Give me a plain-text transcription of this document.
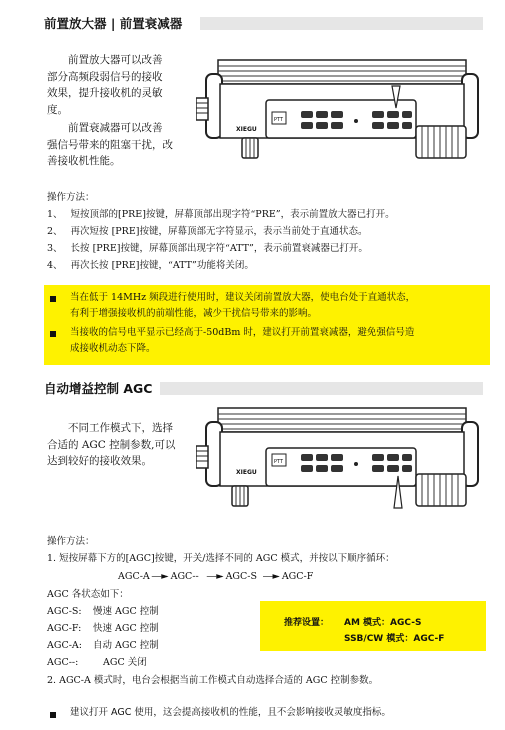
前置放大器 | 前置衰减器
前置放大器可以改善
部分高频段弱信号的接收
效果，提升接收机的灵敏
度。
前置衰减器可以改善
强信号带来的阻塞干扰，改
善接收机性能。
XIEGU
PTT
操作方法：
1、 短按顶部的[PRE]按键，屏幕顶部出现字符“PRE”，表示前置放大器已打开。
2、 再次短按 [PRE]按键，屏幕顶部无字符显示，表示当前处于直通状态。
3、 长按 [PRE]按键，屏幕顶部出现字符“ATT”，表示前置衰减器已打开。
4、 再次长按 [PRE]按键，“ATT”功能将关闭。
当在低于 14MHz 频段进行使用时，建议关闭前置放大器，使电台处于直通状态，
有利于增强接收机的前端性能，减少干扰信号带来的影响。
当接收的信号电平显示已经高于-50dBm 时，建议打开前置衰减器，避免强信号造
成接收机动态下降。
自动增益控制 AGC
不同工作模式下，选择
合适的 AGC 控制参数,可以
达到较好的接收效果。
XIEGU
PTT
操作方法：
1. 短按屏幕下方的[AGC]按键，开关/选择不同的 AGC 模式，并按以下顺序循环：
AGC-A ―► AGC-- ―► AGC-S ―► AGC-F
AGC 各状态如下：
AGC-S: 慢速 AGC 控制
AGC-F: 快速 AGC 控制
AGC-A: 自动 AGC 控制
AGC--:	AGC 关闭
2. AGC-A 模式时，电台会根据当前工作模式自动选择合适的 AGC 控制参数。
推荐设置： AM 模式：AGC-S
SSB/CW 模式：AGC-F
建议打开 AGC 使用，这会提高接收机的性能，且不会影响接收灵敏度指标。
